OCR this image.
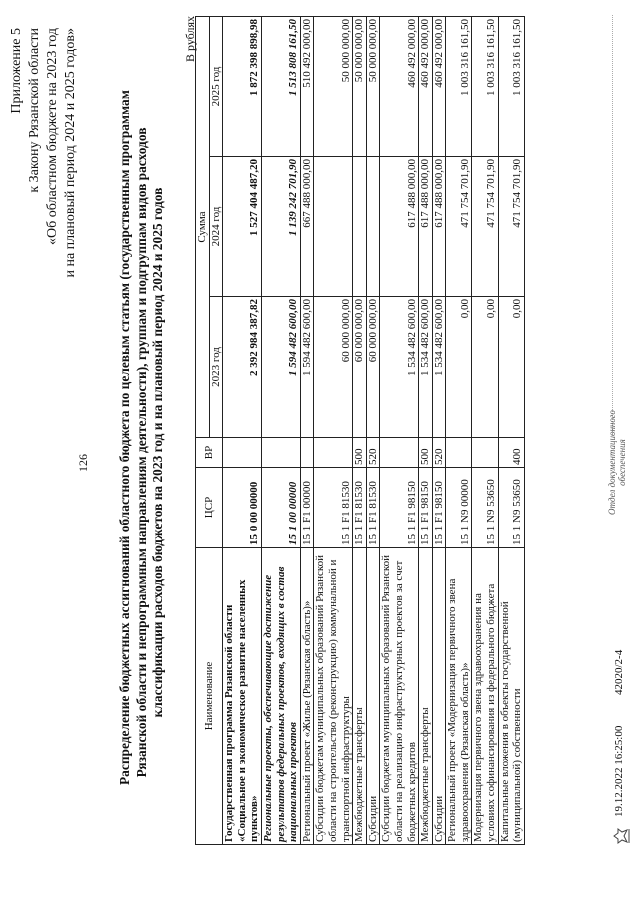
126
Приложение 5 к Закону Рязанской области «Об областном бюджете на 2023 год и на плановый период 2024 и 2025 годов»	Распределение бюджетных ассигнований областного бюджета по целевым статьям (государственным программам Рязанской области и непрограммным направлениям деятельности), группам и подгруппам видов расходов классификации расходов бюджетов на 2023 год и на плановый период 2024 и 2025 годов
В рублях
Наименование	ЦСР	ВР	Сумма		
			2023 год	2024 год	2025 год
Государственная программа Рязанской области «Социальное и экономическое развитие населенных пунктов»	15 0 00 00000		2 392 984 387,82	1 527 404 487,20	1 872 398 898,98
Региональные проекты, обеспечивающие достижение результатов федеральных проектов, входящих в состав национальных проектов	15 1 00 00000		1 594 482 600,00	1 139 242 701,90	1 513 808 161,50
Региональный проект «Жилье (Рязанская область)»	15 1 F1 00000		1 594 482 600,00	667 488 000,00	510 492 000,00
Субсидии бюджетам муниципальных образований Рязанской области на строительство (реконструкцию) коммунальной и транспортной инфраструктуры	15 1 F1 81530		60 000 000,00		50 000 000,00
Межбюджетные трансферты	15 1 F1 81530	500	60 000 000,00		50 000 000,00
Субсидии	15 1 F1 81530	520	60 000 000,00		50 000 000,00
Субсидии бюджетам муниципальных образований Рязанской области на реализацию инфраструктурных проектов за счет бюджетных кредитов	15 1 F1 98150		1 534 482 600,00	617 488 000,00	460 492 000,00
Межбюджетные трансферты	15 1 F1 98150	500	1 534 482 600,00	617 488 000,00	460 492 000,00
Субсидии	15 1 F1 98150	520	1 534 482 600,00	617 488 000,00	460 492 000,00
Региональный проект «Модернизация первичного звена здравоохранения (Рязанская область)»	15 1 N9 00000		0,00	471 754 701,90	1 003 316 161,50
Модернизация первичного звена здравоохранения на условиях софинансирования из федерального бюджета	15 1 N9 53650		0,00	471 754 701,90	1 003 316 161,50
Капитальные вложения в объекты государственной (муниципальной) собственности	15 1 N9 53650	400	0,00	471 754 701,90	1 003 316 161,50
19.12.2022 16:25:00
42020/2-4
Отдел документационного обеспечения
